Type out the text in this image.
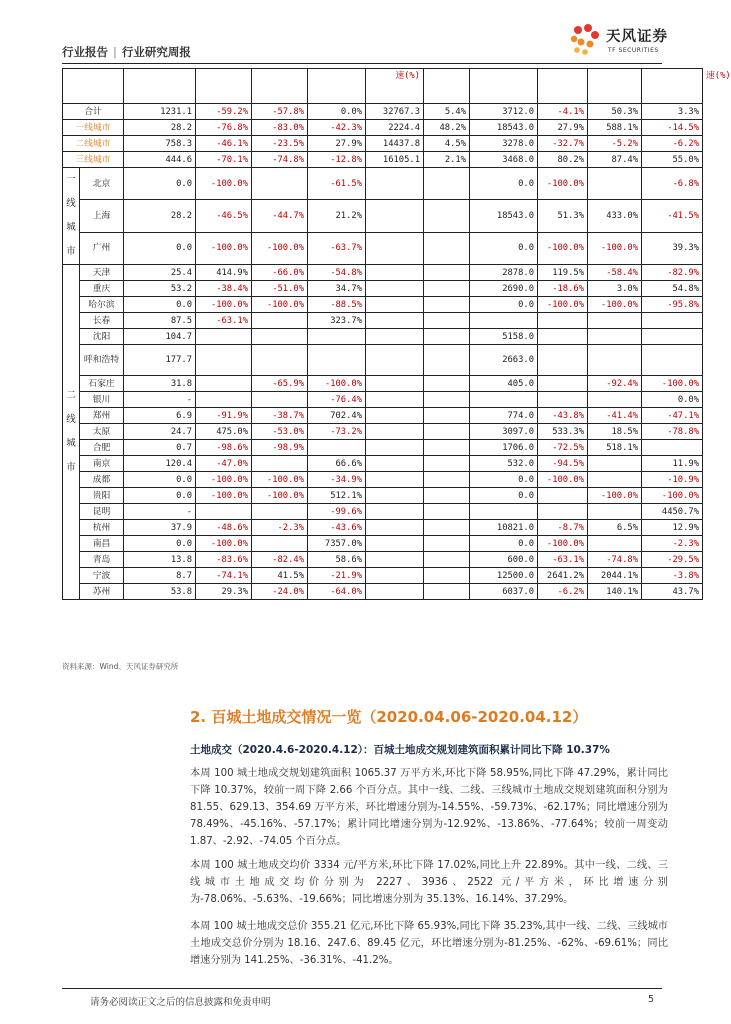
行业报告 | 行业研究周报
天风证券
TF SECURITIES
						速(%)						速(%)
合计		1231.1	-59.2%	-57.8%	0.0%	32767.3	5.4%	3712.0	-4.1%	50.3%	3.3%	
一线城市		28.2	-76.8%	-83.0%	-42.3%	2224.4	48.2%	18543.0	27.9%	588.1%	-14.5%	
二线城市		758.3	-46.1%	-23.5%	27.9%	14437.8	4.5%	3278.0	-32.7%	-5.2%	-6.2%	
三线城市		444.6	-70.1%	-74.8%	-12.8%	16105.1	2.1%	3468.0	80.2%	87.4%	55.0%	

一
线
城
市	北京	0.0	-100.0%		-61.5%			0.0	-100.0%		-6.8%	
	上海	28.2	-46.5%	-44.7%	21.2%			18543.0	51.3%	433.0%	-41.5%	
	广州	0.0	-100.0%	-100.0%	-63.7%			0.0	-100.0%	-100.0%	39.3%	

二
线
城
市	天津	25.4	414.9%	-66.0%	-54.8%			2878.0	119.5%	-58.4%	-82.9%	
	重庆	53.2	-38.4%	-51.0%	34.7%			2690.0	-18.6%	3.0%	54.8%	
	哈尔滨	0.0	-100.0%	-100.0%	-88.5%			0.0	-100.0%	-100.0%	-95.8%	
	长春	87.5	-63.1%		323.7%							
	沈阳	104.7						5158.0				
	呼和浩特	177.7						2663.0				
	石家庄	31.8		-65.9%	-100.0%			405.0		-92.4%	-100.0%	
	银川	-			-76.4%						0.0%	
	郑州	6.9	-91.9%	-38.7%	702.4%			774.0	-43.8%	-41.4%	-47.1%	
	太原	24.7	475.0%	-53.0%	-73.2%			3097.0	533.3%	18.5%	-78.8%	
	合肥	0.7	-98.6%	-98.9%				1706.0	-72.5%	518.1%		
	南京	120.4	-47.0%		66.6%			532.0	-94.5%		11.9%	
	成都	0.0	-100.0%	-100.0%	-34.9%			0.0	-100.0%		-10.9%	
	贵阳	0.0	-100.0%	-100.0%	512.1%			0.0		-100.0%	-100.0%	
	昆明	-			-99.6%						4450.7%	
	杭州	37.9	-48.6%	-2.3%	-43.6%			10821.0	-8.7%	6.5%	12.9%	
	南昌	0.0	-100.0%		7357.0%			0.0	-100.0%		-2.3%	
	青岛	13.8	-83.6%	-82.4%	58.6%			600.0	-63.1%	-74.8%	-29.5%	
	宁波	8.7	-74.1%	41.5%	-21.9%			12500.0	2641.2%	2044.1%	-3.8%	
	苏州	53.8	29.3%	-24.0%	-64.0%			6037.0	-6.2%	140.1%	43.7%	
资料来源：Wind、天风证券研究所
2. 百城土地成交情况一览（2020.04.06-2020.04.12）
土地成交（2020.4.6-2020.4.12）：百城土地成交规划建筑面积累计同比下降 10.37%
本周 100 城土地成交规划建筑面积 1065.37 万平方米,环比下降 58.95%,同比下降 47.29%，累计同比下降 10.37%，较前一周下降 2.66 个百分点。其中一线、二线、三线城市土地成交规划建筑面积分别为 81.55、629.13、354.69 万平方米，环比增速分别为-14.55%、-59.73%、-62.17%；同比增速分别为 78.49%、-45.16%、-57.17%；累计同比增速分别为-12.92%、-13.86%、-77.64%；较前一周变动 1.87、-2.92、-74.05 个百分点。
本周 100 城土地成交均价 3334 元/平方米,环比下降 17.02%,同比上升 22.89%。其中一线、二线、三线城市土地成交均价分别为 2227、3936、2522 元/平方米，环比增速分别为-78.06%、-5.63%、-19.66%；同比增速分别为 35.13%、16.14%、37.29%。
本周 100 城土地成交总价 355.21 亿元,环比下降 65.93%,同比下降 35.23%,其中一线、二线、三线城市土地成交总价分别为 18.16、247.6、89.45 亿元，环比增速分别为-81.25%、-62%、-69.61%；同比增速分别为 141.25%、-36.31%、-41.2%。
请务必阅读正文之后的信息披露和免责申明	5
